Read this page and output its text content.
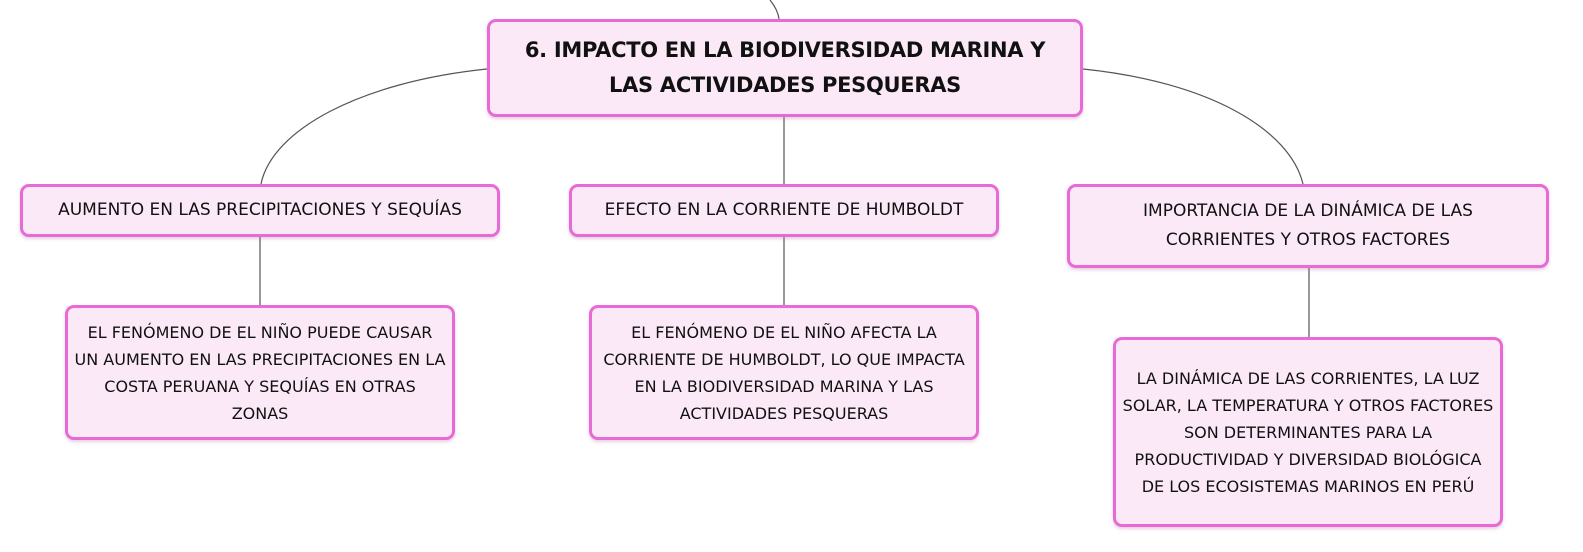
6. IMPACTO EN LA BIODIVERSIDAD MARINA Y LAS ACTIVIDADES PESQUERAS
AUMENTO EN LAS PRECIPITACIONES Y SEQUÍAS	EFECTO EN LA CORRIENTE DE HUMBOLDT	IMPORTANCIA DE LA DINÁMICA DE LAS CORRIENTES Y OTROS FACTORES
EL FENÓMENO DE EL NIÑO PUEDE CAUSAR UN AUMENTO EN LAS PRECIPITACIONES EN LA COSTA PERUANA Y SEQUÍAS EN OTRAS ZONAS
EL FENÓMENO DE EL NIÑO AFECTA LA CORRIENTE DE HUMBOLDT, LO QUE IMPACTA EN LA BIODIVERSIDAD MARINA Y LAS ACTIVIDADES PESQUERAS
LA DINÁMICA DE LAS CORRIENTES, LA LUZ SOLAR, LA TEMPERATURA Y OTROS FACTORES SON DETERMINANTES PARA LA PRODUCTIVIDAD Y DIVERSIDAD BIOLÓGICA DE LOS ECOSISTEMAS MARINOS EN PERÚ
